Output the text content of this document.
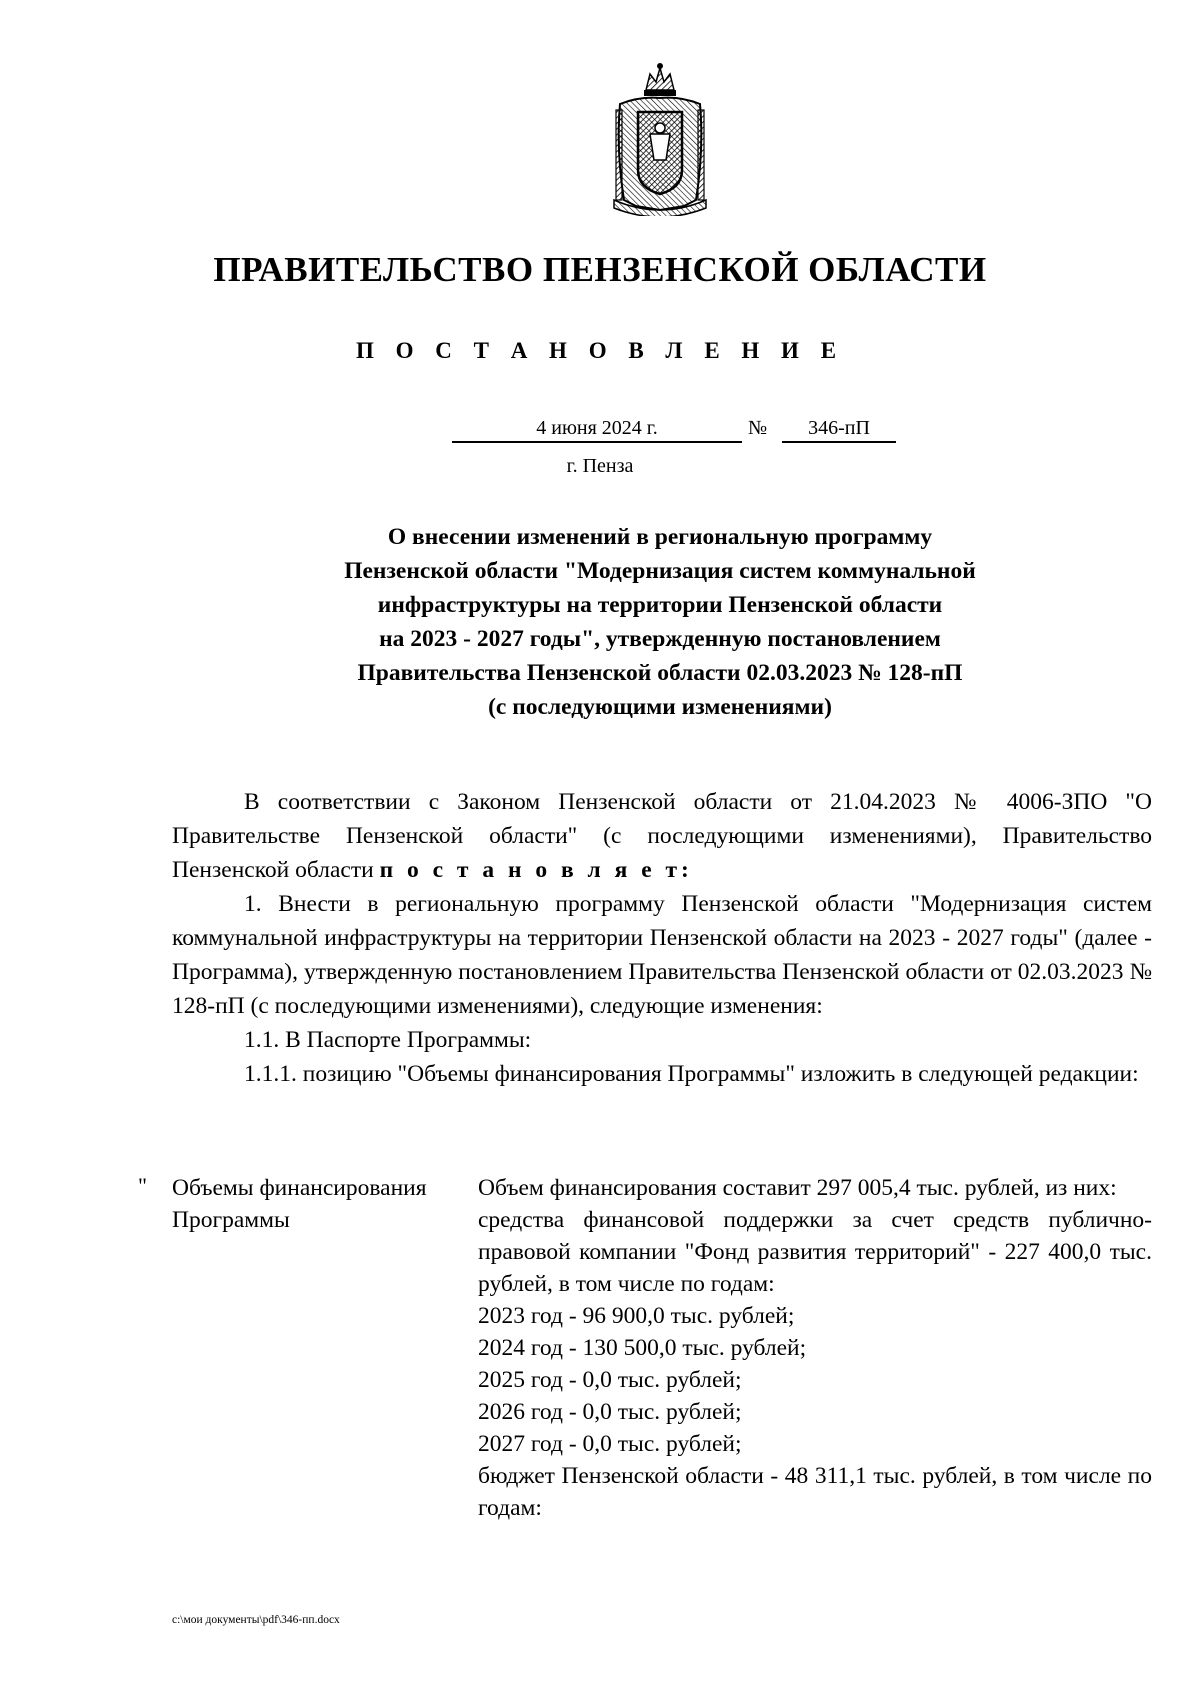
ПРАВИТЕЛЬСТВО ПЕНЗЕНСКОЙ ОБЛАСТИ
П О С Т А Н О В Л Е Н И Е
4 июня 2024 г.	№	346-пП
г. Пенза
О внесении изменений в региональную программу
Пензенской области "Модернизация систем коммунальной
инфраструктуры на территории Пензенской области
на 2023 - 2027 годы", утвержденную постановлением
Правительства Пензенской области 02.03.2023 № 128-пП
(с последующими изменениями)

В соответствии с Законом Пензенской области от 21.04.2023 № 4006-ЗПО "О Правительстве Пензенской области" (с последующими изменениями), Правительство Пензенской области п о с т а н о в л я е т:

1. Внести в региональную программу Пензенской области "Модернизация систем коммунальной инфраструктуры на территории Пензенской области на 2023 - 2027 годы" (далее - Программа), утвержденную постановлением Правительства Пензенской области от 02.03.2023 № 128-пП (с последующими изменениями), следующие изменения:

1.1. В Паспорте Программы:

1.1.1. позицию "Объемы финансирования Программы" изложить в следующей редакции:

" Объемы финансирования Программы
Объем финансирования составит 297 005,4 тыс. рублей, из них:
средства финансовой поддержки за счет средств публично-правовой компании "Фонд развития территорий" - 227 400,0 тыс. рублей, в том числе по годам:
2023 год - 96 900,0 тыс. рублей;
2024 год - 130 500,0 тыс. рублей;
2025 год - 0,0 тыс. рублей;
2026 год - 0,0 тыс. рублей;
2027 год - 0,0 тыс. рублей;
бюджет Пензенской области - 48 311,1 тыс. рублей, в том числе по годам:
c:\мои документы\pdf\346-пп.docx
